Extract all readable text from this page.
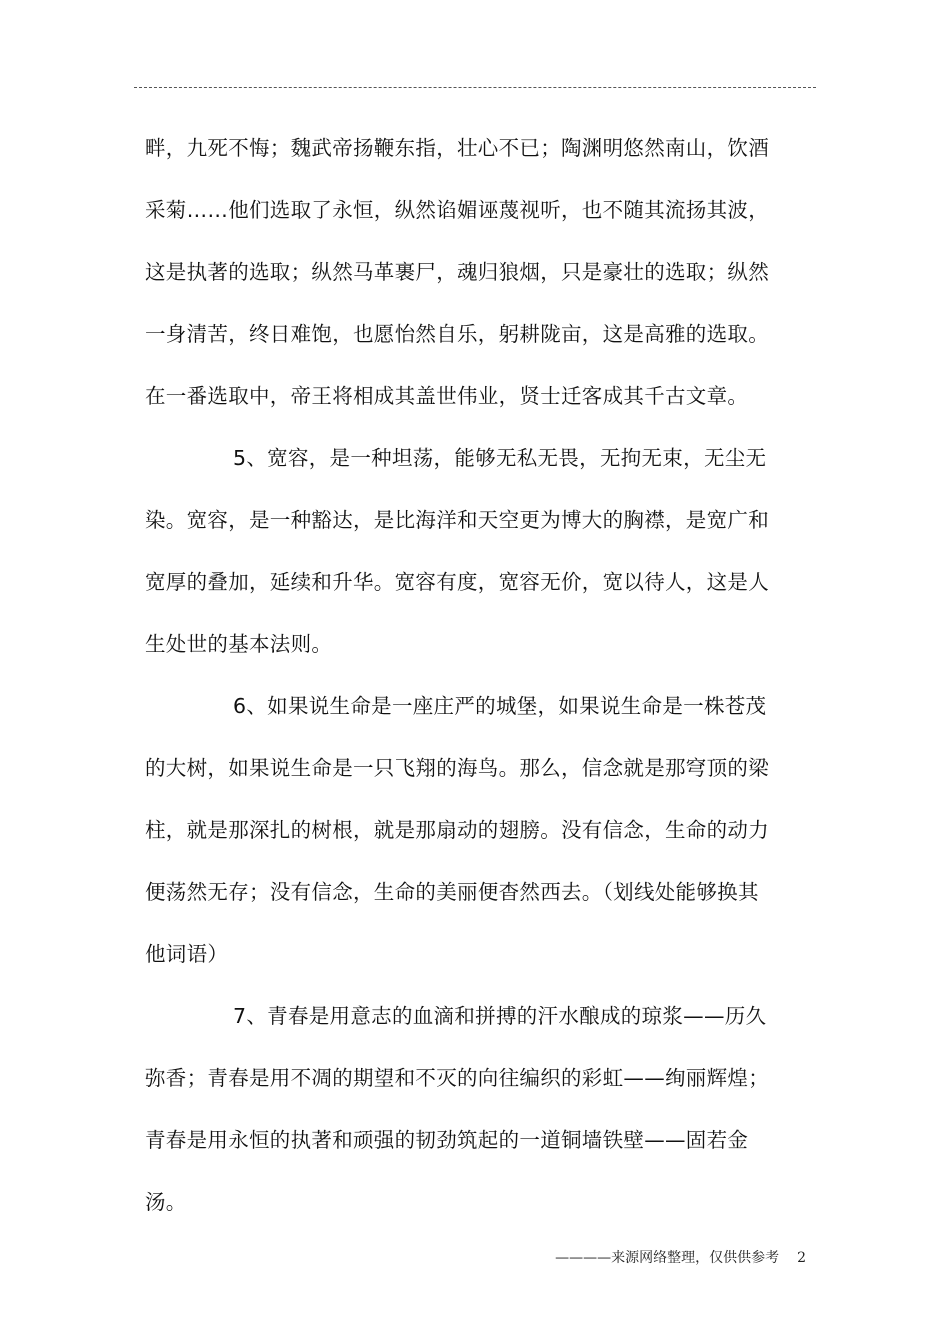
畔，九死不悔；魏武帝扬鞭东指，壮心不已；陶渊明悠然南山，饮酒
采菊……他们选取了永恒，纵然谄媚诬蔑视听，也不随其流扬其波，
这是执著的选取；纵然马革裹尸，魂归狼烟，只是豪壮的选取；纵然
一身清苦，终日难饱，也愿怡然自乐，躬耕陇亩，这是高雅的选取。
在一番选取中，帝王将相成其盖世伟业，贤士迁客成其千古文章。
5、宽容，是一种坦荡，能够无私无畏，无拘无束，无尘无
染。宽容，是一种豁达，是比海洋和天空更为博大的胸襟，是宽广和
宽厚的叠加，延续和升华。宽容有度，宽容无价，宽以待人，这是人
生处世的基本法则。
6、如果说生命是一座庄严的城堡，如果说生命是一株苍茂
的大树，如果说生命是一只飞翔的海鸟。那么，信念就是那穹顶的梁
柱，就是那深扎的树根，就是那扇动的翅膀。没有信念，生命的动力
便荡然无存；没有信念，生命的美丽便杳然西去。（划线处能够换其
他词语）
7、青春是用意志的血滴和拼搏的汗水酿成的琼浆——历久
弥香；青春是用不凋的期望和不灭的向往编织的彩虹——绚丽辉煌；
青春是用永恒的执著和顽强的韧劲筑起的一道铜墙铁壁——固若金
汤。
————来源网络整理，仅供供参考 2
